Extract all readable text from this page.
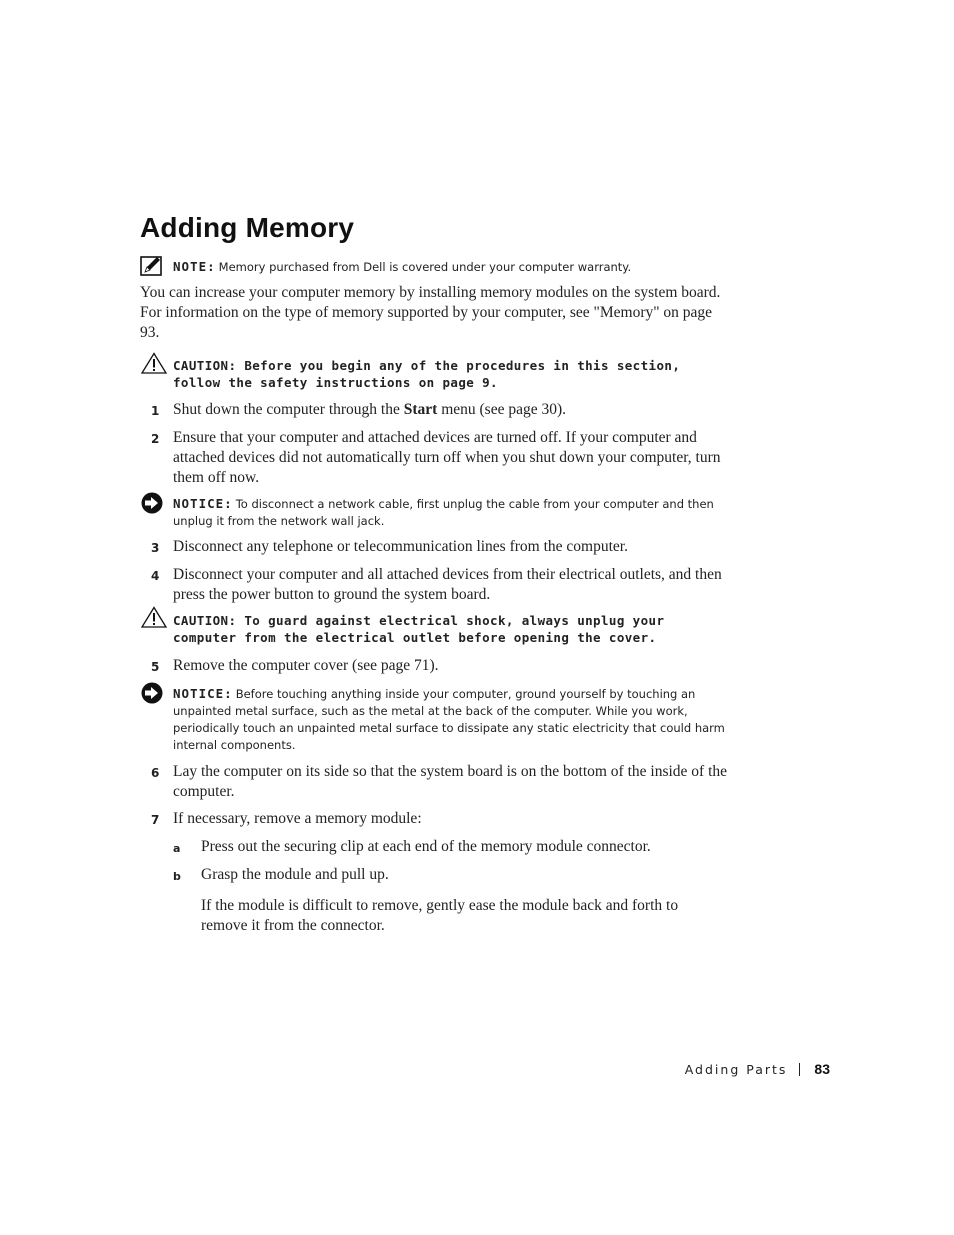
Adding Memory
NOTE: Memory purchased from Dell is covered under your computer warranty.

You can increase your computer memory by installing memory modules on the system board. For information on the type of memory supported by your computer, see "Memory" on page 93.

CAUTION: Before you begin any of the procedures in this section, follow the safety instructions on page 9.
1 Shut down the computer through the Start menu (see page 30).
2 Ensure that your computer and attached devices are turned off. If your computer and attached devices did not automatically turn off when you shut down your computer, turn them off now.
NOTICE: To disconnect a network cable, first unplug the cable from your computer and then unplug it from the network wall jack.
3 Disconnect any telephone or telecommunication lines from the computer.
4 Disconnect your computer and all attached devices from their electrical outlets, and then press the power button to ground the system board.
CAUTION: To guard against electrical shock, always unplug your computer from the electrical outlet before opening the cover.
5 Remove the computer cover (see page 71).
NOTICE: Before touching anything inside your computer, ground yourself by touching an unpainted metal surface, such as the metal at the back of the computer. While you work, periodically touch an unpainted metal surface to dissipate any static electricity that could harm internal components.
6 Lay the computer on its side so that the system board is on the bottom of the inside of the computer.
7 If necessary, remove a memory module:
a Press out the securing clip at each end of the memory module connector.
b Grasp the module and pull up.

If the module is difficult to remove, gently ease the module back and forth to remove it from the connector.

Adding Parts 83
